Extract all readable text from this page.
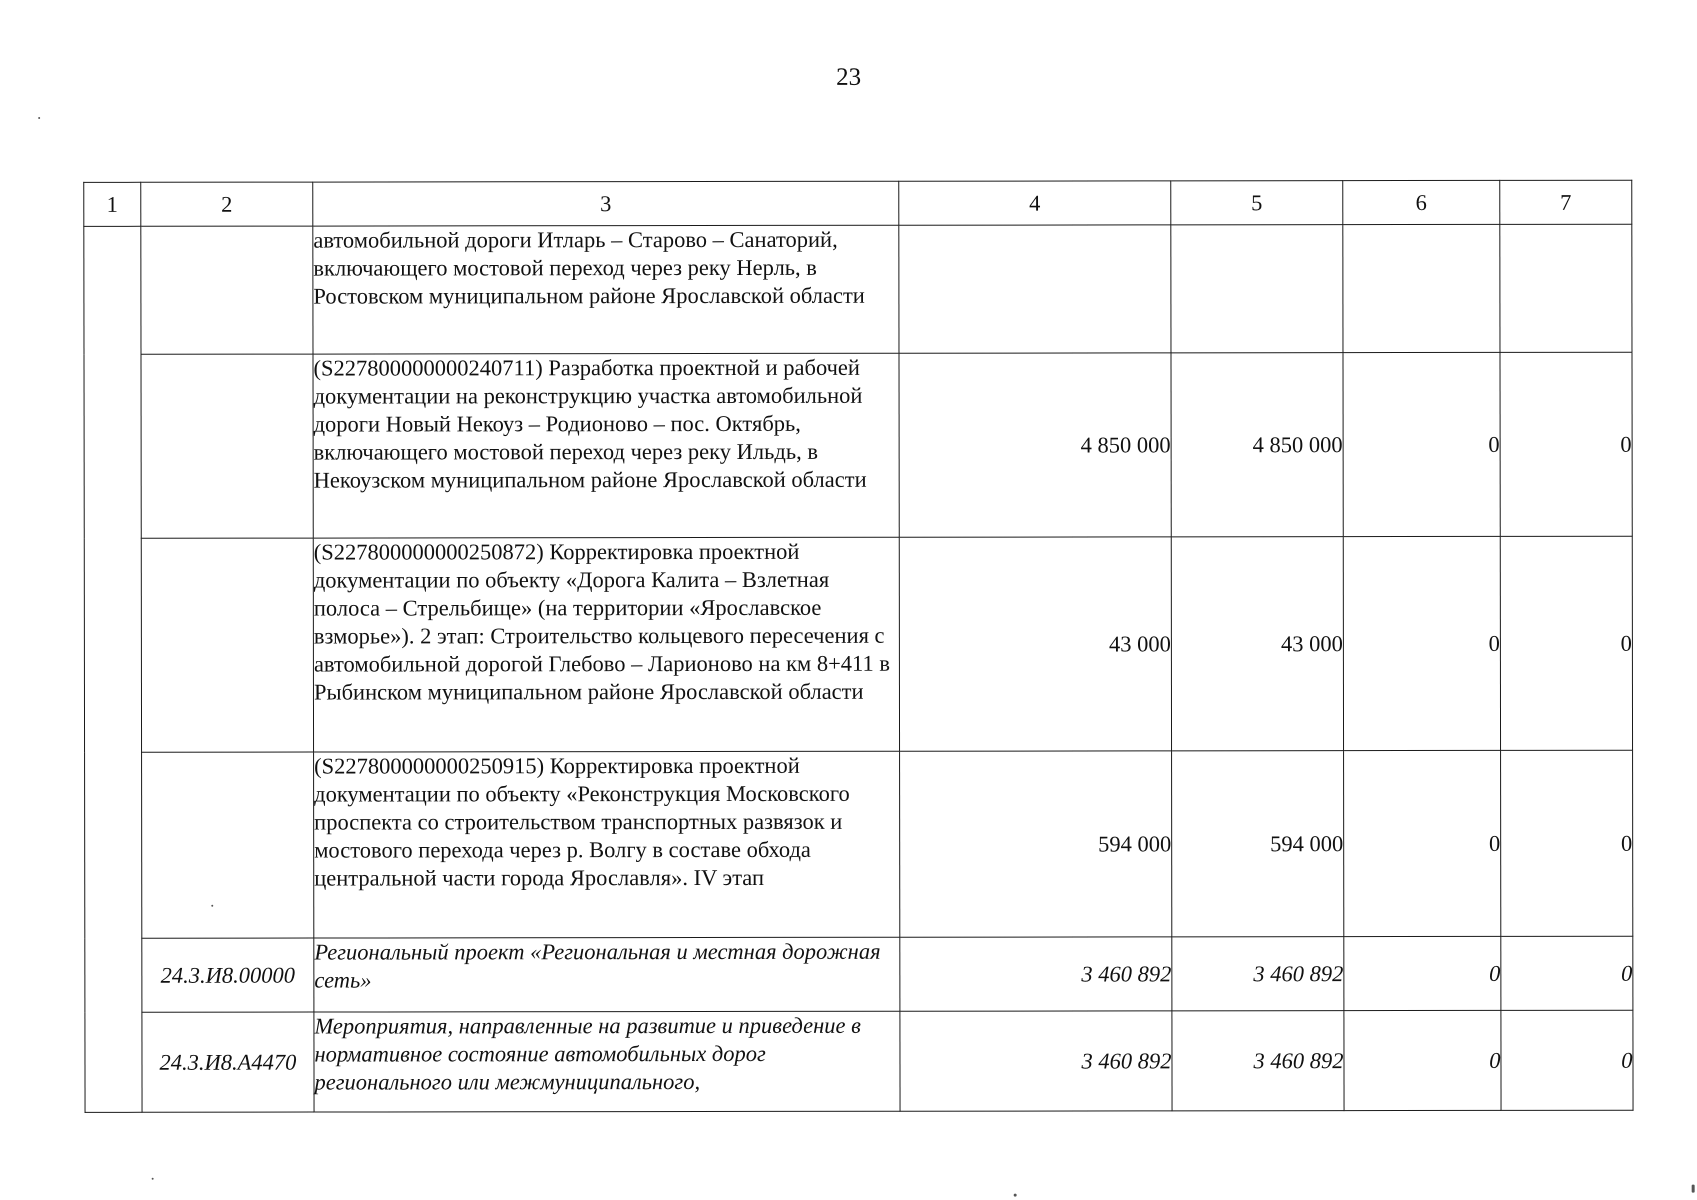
23
1	2	3	4	5	6	7
		автомобильной дороги Итларь – Старово – Санаторий, включающего мостовой переход через реку Нерль, в Ростовском муниципальном районе Ярославской области				
		(S227800000000240711) Разработка проектной и рабочей документации на реконструкцию участка автомобильной дороги Новый Некоуз – Родионово – пос. Октябрь, включающего мостовой переход через реку Ильдь, в Некоузском муниципальном районе Ярославской области	4 850 000	4 850 000	0	0
		(S227800000000250872) Корректировка проектной документации по объекту «Дорога Калита – Взлетная полоса – Стрельбище» (на территории «Ярославское взморье»). 2 этап: Строительство кольцевого пересечения с автомобильной дорогой Глебово – Ларионово на км 8+411 в Рыбинском муниципальном районе Ярославской области	43 000	43 000	0	0
		(S227800000000250915) Корректировка проектной документации по объекту «Реконструкция Московского проспекта со строительством транспортных развязок и мостового перехода через р. Волгу в составе обхода центральной части города Ярославля». IV этап	594 000	594 000	0	0
	24.3.И8.00000	Региональный проект «Региональная и местная дорожная сеть»	3 460 892	3 460 892	0	0
	24.3.И8.А4470	Мероприятия, направленные на развитие и приведение в нормативное состояние автомобильных дорог регионального или межмуниципального,	3 460 892	3 460 892	0	0
